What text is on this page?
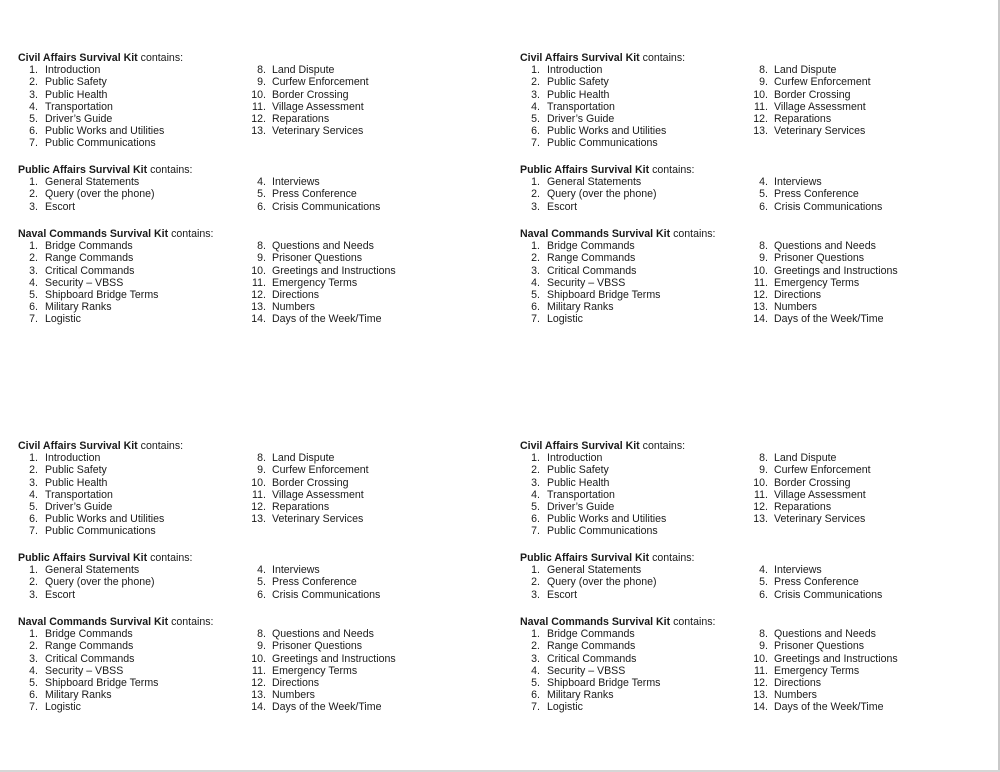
Civil Affairs Survival Kit contains:
1. Introduction
2. Public Safety
3. Public Health
4. Transportation
5. Driver’s Guide
6. Public Works and Utilities
7. Public Communications
8. Land Dispute
9. Curfew Enforcement
10. Border Crossing
11. Village Assessment
12. Reparations
13. Veterinary Services
Public Affairs Survival Kit contains:
1. General Statements
2. Query (over the phone)
3. Escort
4. Interviews
5. Press Conference
6. Crisis Communications
Naval Commands Survival Kit contains:
1. Bridge Commands
2. Range Commands
3. Critical Commands
4. Security – VBSS
5. Shipboard Bridge Terms
6. Military Ranks
7. Logistic
8. Questions and Needs
9. Prisoner Questions
10. Greetings and Instructions
11. Emergency Terms
12. Directions
13. Numbers
14. Days of the Week/Time
Civil Affairs Survival Kit contains:
1. Introduction
2. Public Safety
3. Public Health
4. Transportation
5. Driver’s Guide
6. Public Works and Utilities
7. Public Communications
8. Land Dispute
9. Curfew Enforcement
10. Border Crossing
11. Village Assessment
12. Reparations
13. Veterinary Services
Public Affairs Survival Kit contains:
1. General Statements
2. Query (over the phone)
3. Escort
4. Interviews
5. Press Conference
6. Crisis Communications
Naval Commands Survival Kit contains:
1. Bridge Commands
2. Range Commands
3. Critical Commands
4. Security – VBSS
5. Shipboard Bridge Terms
6. Military Ranks
7. Logistic
8. Questions and Needs
9. Prisoner Questions
10. Greetings and Instructions
11. Emergency Terms
12. Directions
13. Numbers
14. Days of the Week/Time
Civil Affairs Survival Kit contains:
1. Introduction
2. Public Safety
3. Public Health
4. Transportation
5. Driver’s Guide
6. Public Works and Utilities
7. Public Communications
8. Land Dispute
9. Curfew Enforcement
10. Border Crossing
11. Village Assessment
12. Reparations
13. Veterinary Services
Public Affairs Survival Kit contains:
1. General Statements
2. Query (over the phone)
3. Escort
4. Interviews
5. Press Conference
6. Crisis Communications
Naval Commands Survival Kit contains:
1. Bridge Commands
2. Range Commands
3. Critical Commands
4. Security – VBSS
5. Shipboard Bridge Terms
6. Military Ranks
7. Logistic
8. Questions and Needs
9. Prisoner Questions
10. Greetings and Instructions
11. Emergency Terms
12. Directions
13. Numbers
14. Days of the Week/Time
Civil Affairs Survival Kit contains:
1. Introduction
2. Public Safety
3. Public Health
4. Transportation
5. Driver’s Guide
6. Public Works and Utilities
7. Public Communications
8. Land Dispute
9. Curfew Enforcement
10. Border Crossing
11. Village Assessment
12. Reparations
13. Veterinary Services
Public Affairs Survival Kit contains:
1. General Statements
2. Query (over the phone)
3. Escort
4. Interviews
5. Press Conference
6. Crisis Communications
Naval Commands Survival Kit contains:
1. Bridge Commands
2. Range Commands
3. Critical Commands
4. Security – VBSS
5. Shipboard Bridge Terms
6. Military Ranks
7. Logistic
8. Questions and Needs
9. Prisoner Questions
10. Greetings and Instructions
11. Emergency Terms
12. Directions
13. Numbers
14. Days of the Week/Time
